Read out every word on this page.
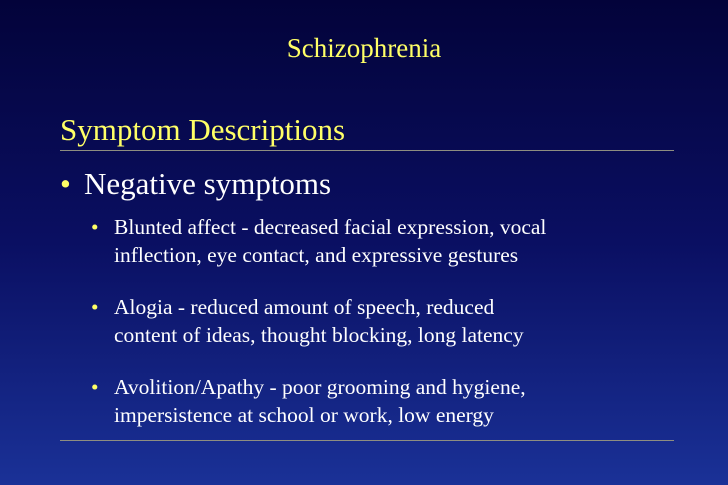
Schizophrenia
Symptom Descriptions
• Negative symptoms
• Blunted affect - decreased facial expression, vocal
inflection, eye contact, and expressive gestures
• Alogia - reduced amount of speech, reduced
content of ideas, thought blocking, long latency
• Avolition/Apathy - poor grooming and hygiene,
impersistence at school or work, low energy
